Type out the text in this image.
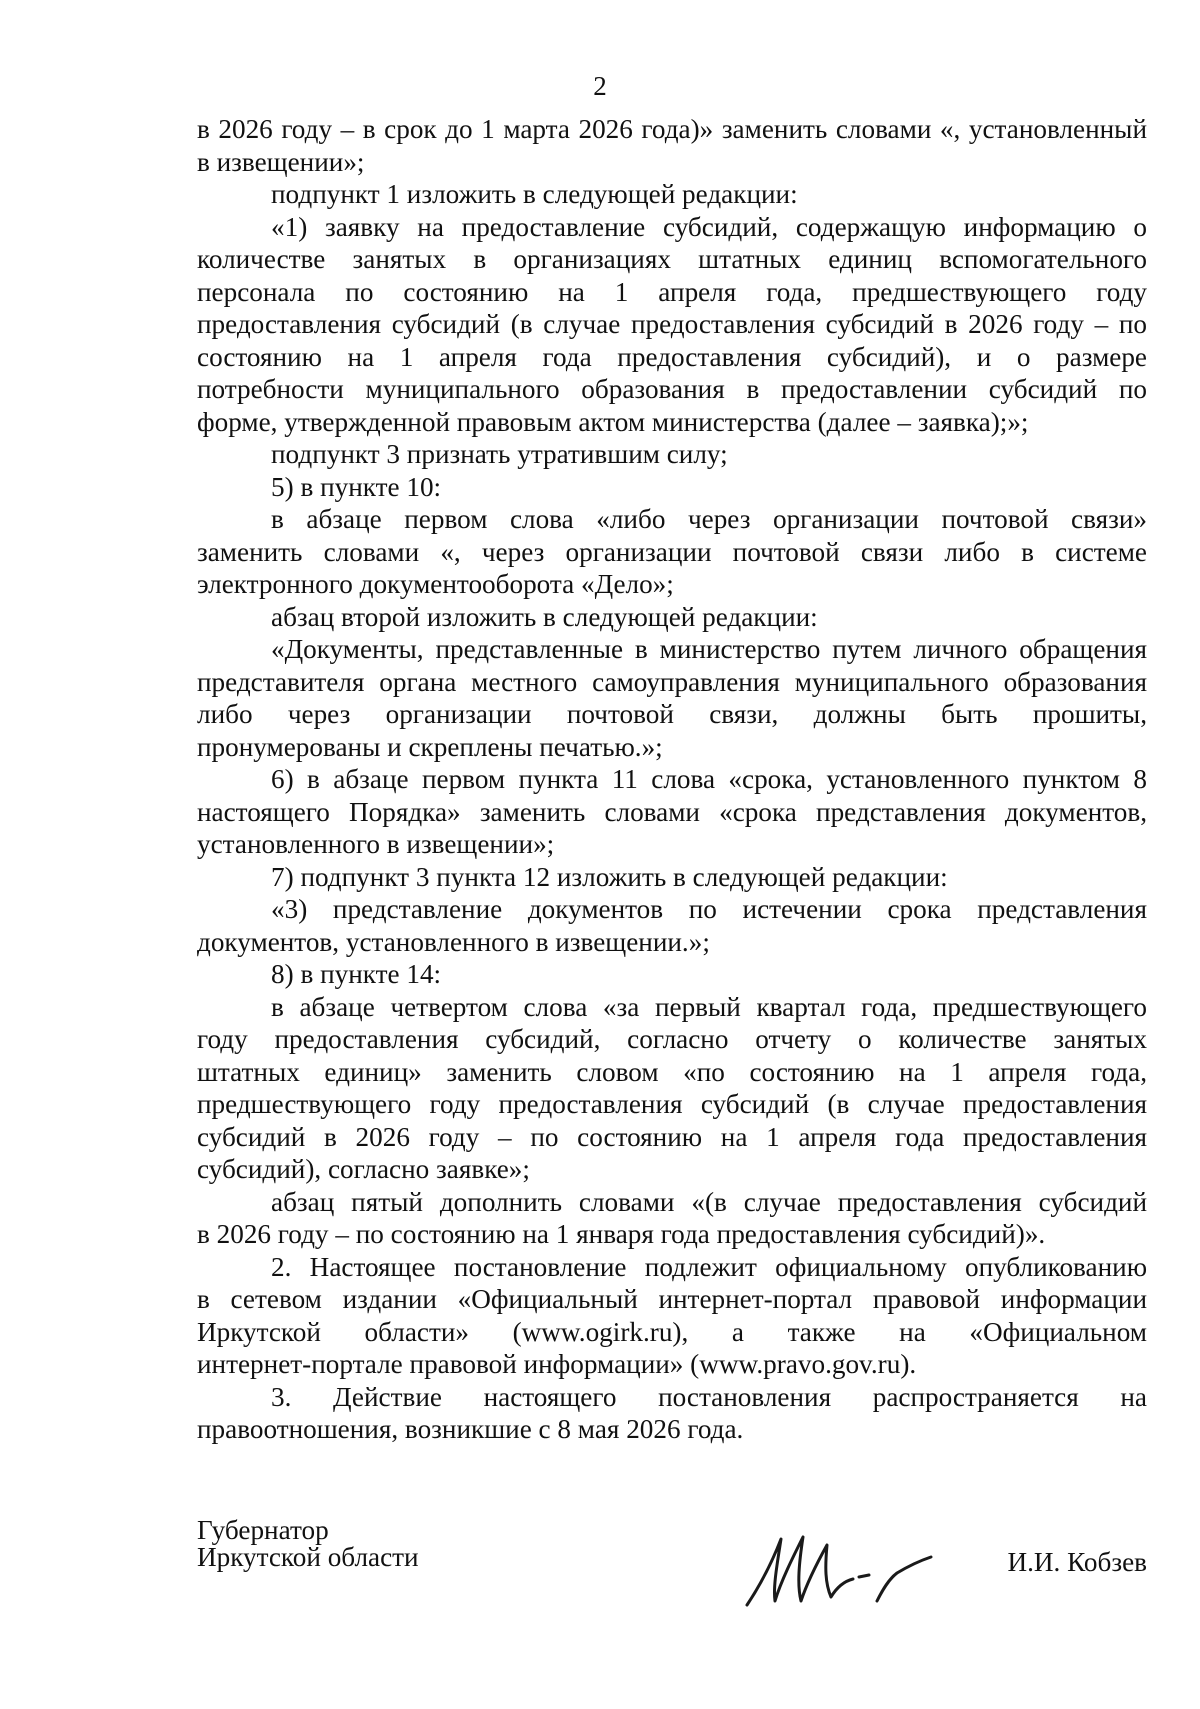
2
в 2026 году – в срок до 1 марта 2026 года)» заменить словами «, установленный
в извещении»;
подпункт 1 изложить в следующей редакции:
«1) заявку на предоставление субсидий, содержащую информацию о
количестве занятых в организациях штатных единиц вспомогательного
персонала по состоянию на 1 апреля года, предшествующего году
предоставления субсидий (в случае предоставления субсидий в 2026 году – по
состоянию на 1 апреля года предоставления субсидий), и о размере
потребности муниципального образования в предоставлении субсидий по
форме, утвержденной правовым актом министерства (далее – заявка);»;
подпункт 3 признать утратившим силу;
5) в пункте 10:
в абзаце первом слова «либо через организации почтовой связи»
заменить словами «, через организации почтовой связи либо в системе
электронного документооборота «Дело»;
абзац второй изложить в следующей редакции:
«Документы, представленные в министерство путем личного обращения
представителя органа местного самоуправления муниципального образования
либо через организации почтовой связи, должны быть прошиты,
пронумерованы и скреплены печатью.»;
6) в абзаце первом пункта 11 слова «срока, установленного пунктом 8
настоящего Порядка» заменить словами «срока представления документов,
установленного в извещении»;
7) подпункт 3 пункта 12 изложить в следующей редакции:
«3) представление документов по истечении срока представления
документов, установленного в извещении.»;
8) в пункте 14:
в абзаце четвертом слова «за первый квартал года, предшествующего
году предоставления субсидий, согласно отчету о количестве занятых
штатных единиц» заменить словом «по состоянию на 1 апреля года,
предшествующего году предоставления субсидий (в случае предоставления
субсидий в 2026 году – по состоянию на 1 апреля года предоставления
субсидий), согласно заявке»;
абзац пятый дополнить словами «(в случае предоставления субсидий
в 2026 году – по состоянию на 1 января года предоставления субсидий)».
2. Настоящее постановление подлежит официальному опубликованию
в сетевом издании «Официальный интернет-портал правовой информации
Иркутской области» (www.ogirk.ru), а также на «Официальном
интернет-портале правовой информации» (www.pravo.gov.ru).
3. Действие настоящего постановления распространяется на
правоотношения, возникшие с 8 мая 2026 года.
Губернатор
Иркутской области	И.И. Кобзев
